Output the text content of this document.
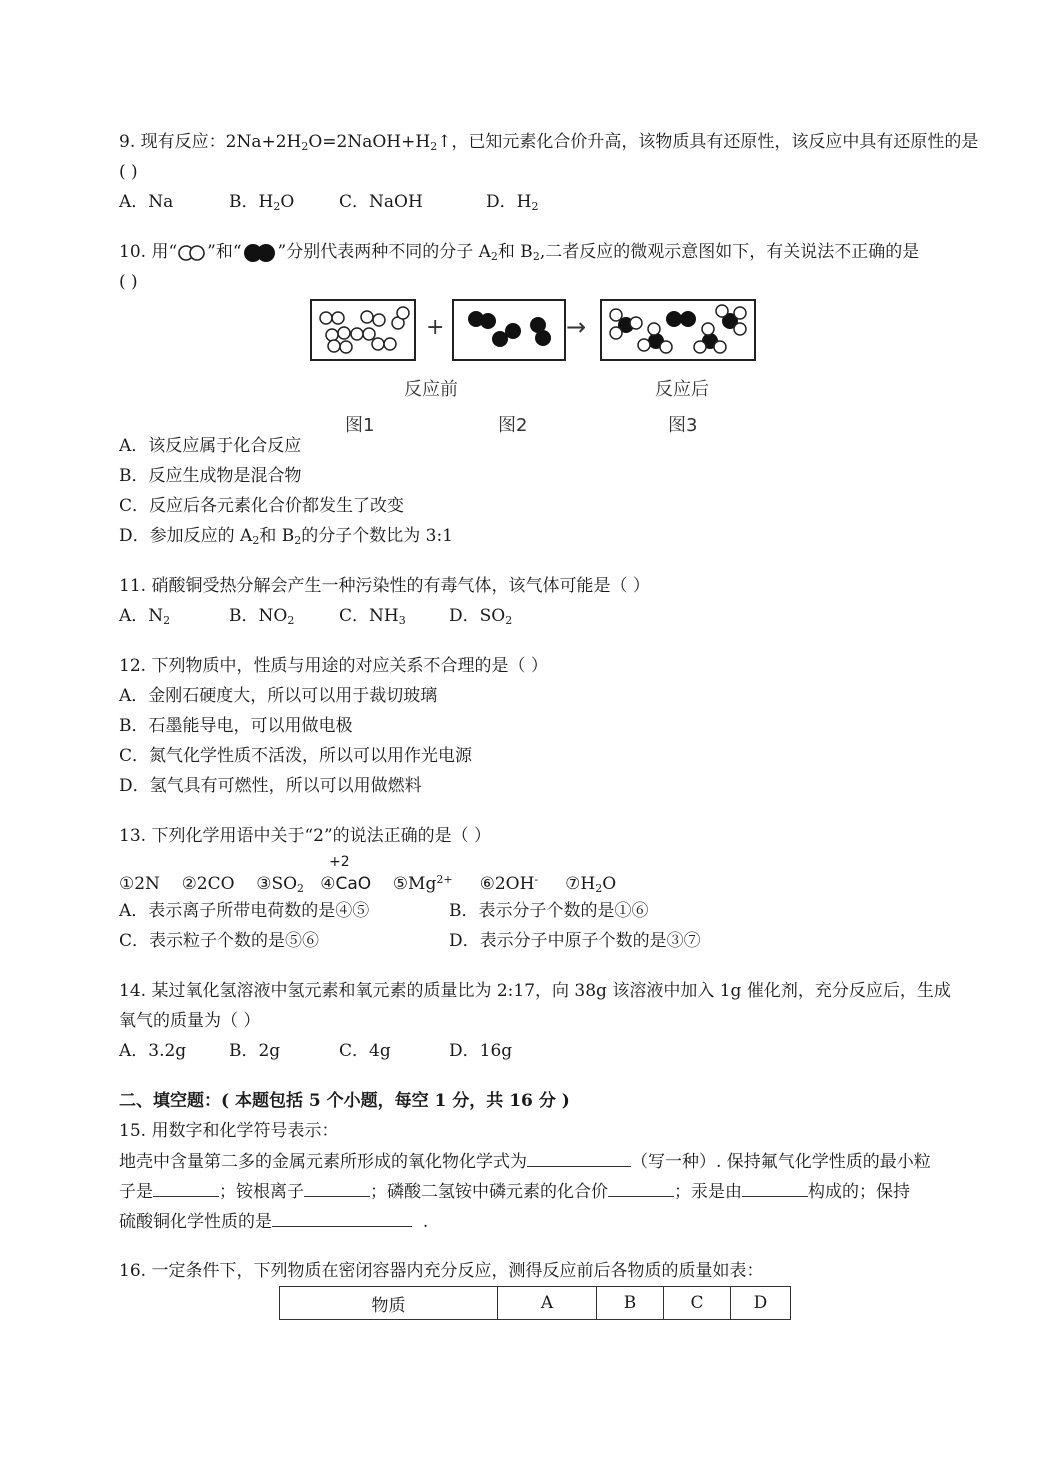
9. 现有反应：$2Na+2H_2O=2NaOH+H_2↑$，已知元素化合价升高，该物质具有还原性，该反应中具有还原性的是
( )
A．Na	B．$H_2O$	C．NaOH	D．$H_2$
10. 用“ ”和“ ”分别代表两种不同的分子 $A_2$和 $B_2$,二者反应的微观示意图如下，有关说法不正确的是
( )
+	→
反应前	反应后
图1	图2	图3
A．该反应属于化合反应
B．反应生成物是混合物
C．反应后各元素化合价都发生了改变
D．参加反应的 $A_2$和 $B_2$的分子个数比为 3:1
11. 硝酸铜受热分解会产生一种污染性的有毒气体，该气体可能是（ ）
A．$N_2$	B．$NO_2$	C．$NH_3$	D．$SO_2$
12. 下列物质中，性质与用途的对应关系不合理的是（ ）
A．金刚石硬度大，所以可以用于裁切玻璃
B．石墨能导电，可以用做电极
C．氮气化学性质不活泼，所以可以用作光电源
D．氢气具有可燃性，所以可以用做燃料
13. 下列化学用语中关于“2”的说法正确的是（ ）
+2
①2N ②2CO $③SO_2$ ④CaO $⑤Mg^{2+}$ ⑥2OH- $⑦H_2O$
A．表示离子所带电荷数的是④⑤	B．表示分子个数的是①⑥
C．表示粒子个数的是⑤⑥	D．表示分子中原子个数的是③⑦
14. 某过氧化氢溶液中氢元素和氧元素的质量比为 2:17，向 38g 该溶液中加入 1g 催化剂，充分反应后，生成
氧气的质量为（ ）
A．3.2g	B．2g	C．4g	D．16g
二、填空题：( 本题包括 5 个小题，每空 1 分，共 16 分 )
15. 用数字和化学符号表示：
地壳中含量第二多的金属元素所形成的氧化物化学式为	（写一种）. 保持氟气化学性质的最小粒
子是	；铵根离子	；磷酸二氢铵中磷元素的化合价	；汞是由	构成的；保持
硫酸铜化学性质的是	.
16. 一定条件下，下列物质在密闭容器内充分反应，测得反应前后各物质的质量如表：
物质	A	B	C	D
